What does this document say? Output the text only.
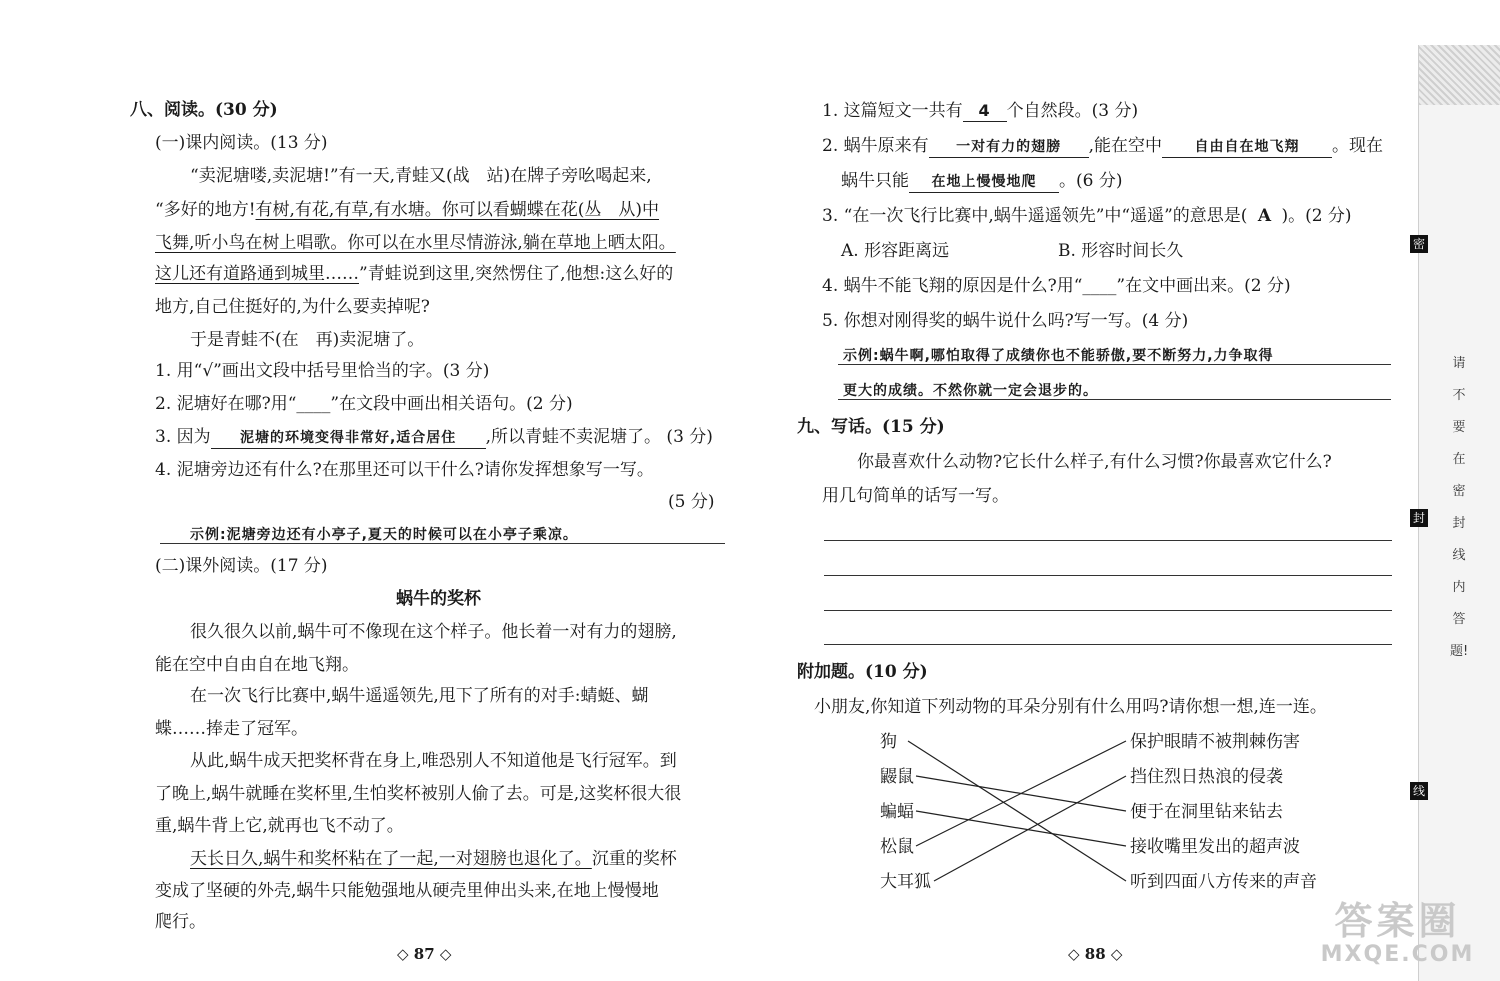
八、阅读。(30 分)
(一)课内阅读。(13 分)
“卖泥塘喽,卖泥塘!”有一天,青蛙又(战　站)在牌子旁吆喝起来,
“多好的地方!有树,有花,有草,有水塘。你可以看蝴蝶在花(丛　从)中
飞舞,听小鸟在树上唱歌。你可以在水里尽情游泳,躺在草地上晒太阳。
这儿还有道路通到城里……”青蛙说到这里,突然愣住了,他想:这么好的
地方,自己住挺好的,为什么要卖掉呢?
于是青蛙不(在　再)卖泥塘了。
1. 用“√”画出文段中括号里恰当的字。(3 分)
2. 泥塘好在哪?用“____”在文段中画出相关语句。(2 分)
3. 因为 泥塘的环境变得非常好,适合居住 ,所以青蛙不卖泥塘了。 (3 分)
4. 泥塘旁边还有什么?在那里还可以干什么?请你发挥想象写一写。
(5 分)
示例:泥塘旁边还有小亭子,夏天的时候可以在小亭子乘凉。
(二)课外阅读。(17 分)
蜗牛的奖杯
很久很久以前,蜗牛可不像现在这个样子。他长着一对有力的翅膀,
能在空中自由自在地飞翔。
在一次飞行比赛中,蜗牛遥遥领先,甩下了所有的对手:蜻蜓、蝴
蝶……捧走了冠军。
从此,蜗牛成天把奖杯背在身上,唯恐别人不知道他是飞行冠军。到
了晚上,蜗牛就睡在奖杯里,生怕奖杯被别人偷了去。可是,这奖杯很大很
重,蜗牛背上它,就再也飞不动了。
天长日久,蜗牛和奖杯粘在了一起,一对翅膀也退化了。沉重的奖杯
变成了坚硬的外壳,蜗牛只能勉强地从硬壳里伸出头来,在地上慢慢地
爬行。
◇ 87 ◇
1. 这篇短文一共有 4 个自然段。(3 分)
2. 蜗牛原来有 一对有力的翅膀 ,能在空中 自由自在地飞翔 。现在
蜗牛只能 在地上慢慢地爬 。(6 分)
3. “在一次飞行比赛中,蜗牛遥遥领先”中“遥遥”的意思是( A )。(2 分)
A. 形容距离远	B. 形容时间长久
4. 蜗牛不能飞翔的原因是什么?用“____”在文中画出来。(2 分)
5. 你想对刚得奖的蜗牛说什么吗?写一写。(4 分)
示例:蜗牛啊,哪怕取得了成绩你也不能骄傲,要不断努力,力争取得
更大的成绩。不然你就一定会退步的。
九、写话。(15 分)
你最喜欢什么动物?它长什么样子,有什么习惯?你最喜欢它什么?
用几句简单的话写一写。
附加题。(10 分)
小朋友,你知道下列动物的耳朵分别有什么用吗?请你想一想,连一连。
狗
鼹鼠
蝙蝠
松鼠
大耳狐
保护眼睛不被荆棘伤害
挡住烈日热浪的侵袭
便于在洞里钻来钻去
接收嘴里发出的超声波
听到四面八方传来的声音
◇ 88 ◇
密
封
线
请不要在密封线内答题!
答案圈
MXQE.COM
